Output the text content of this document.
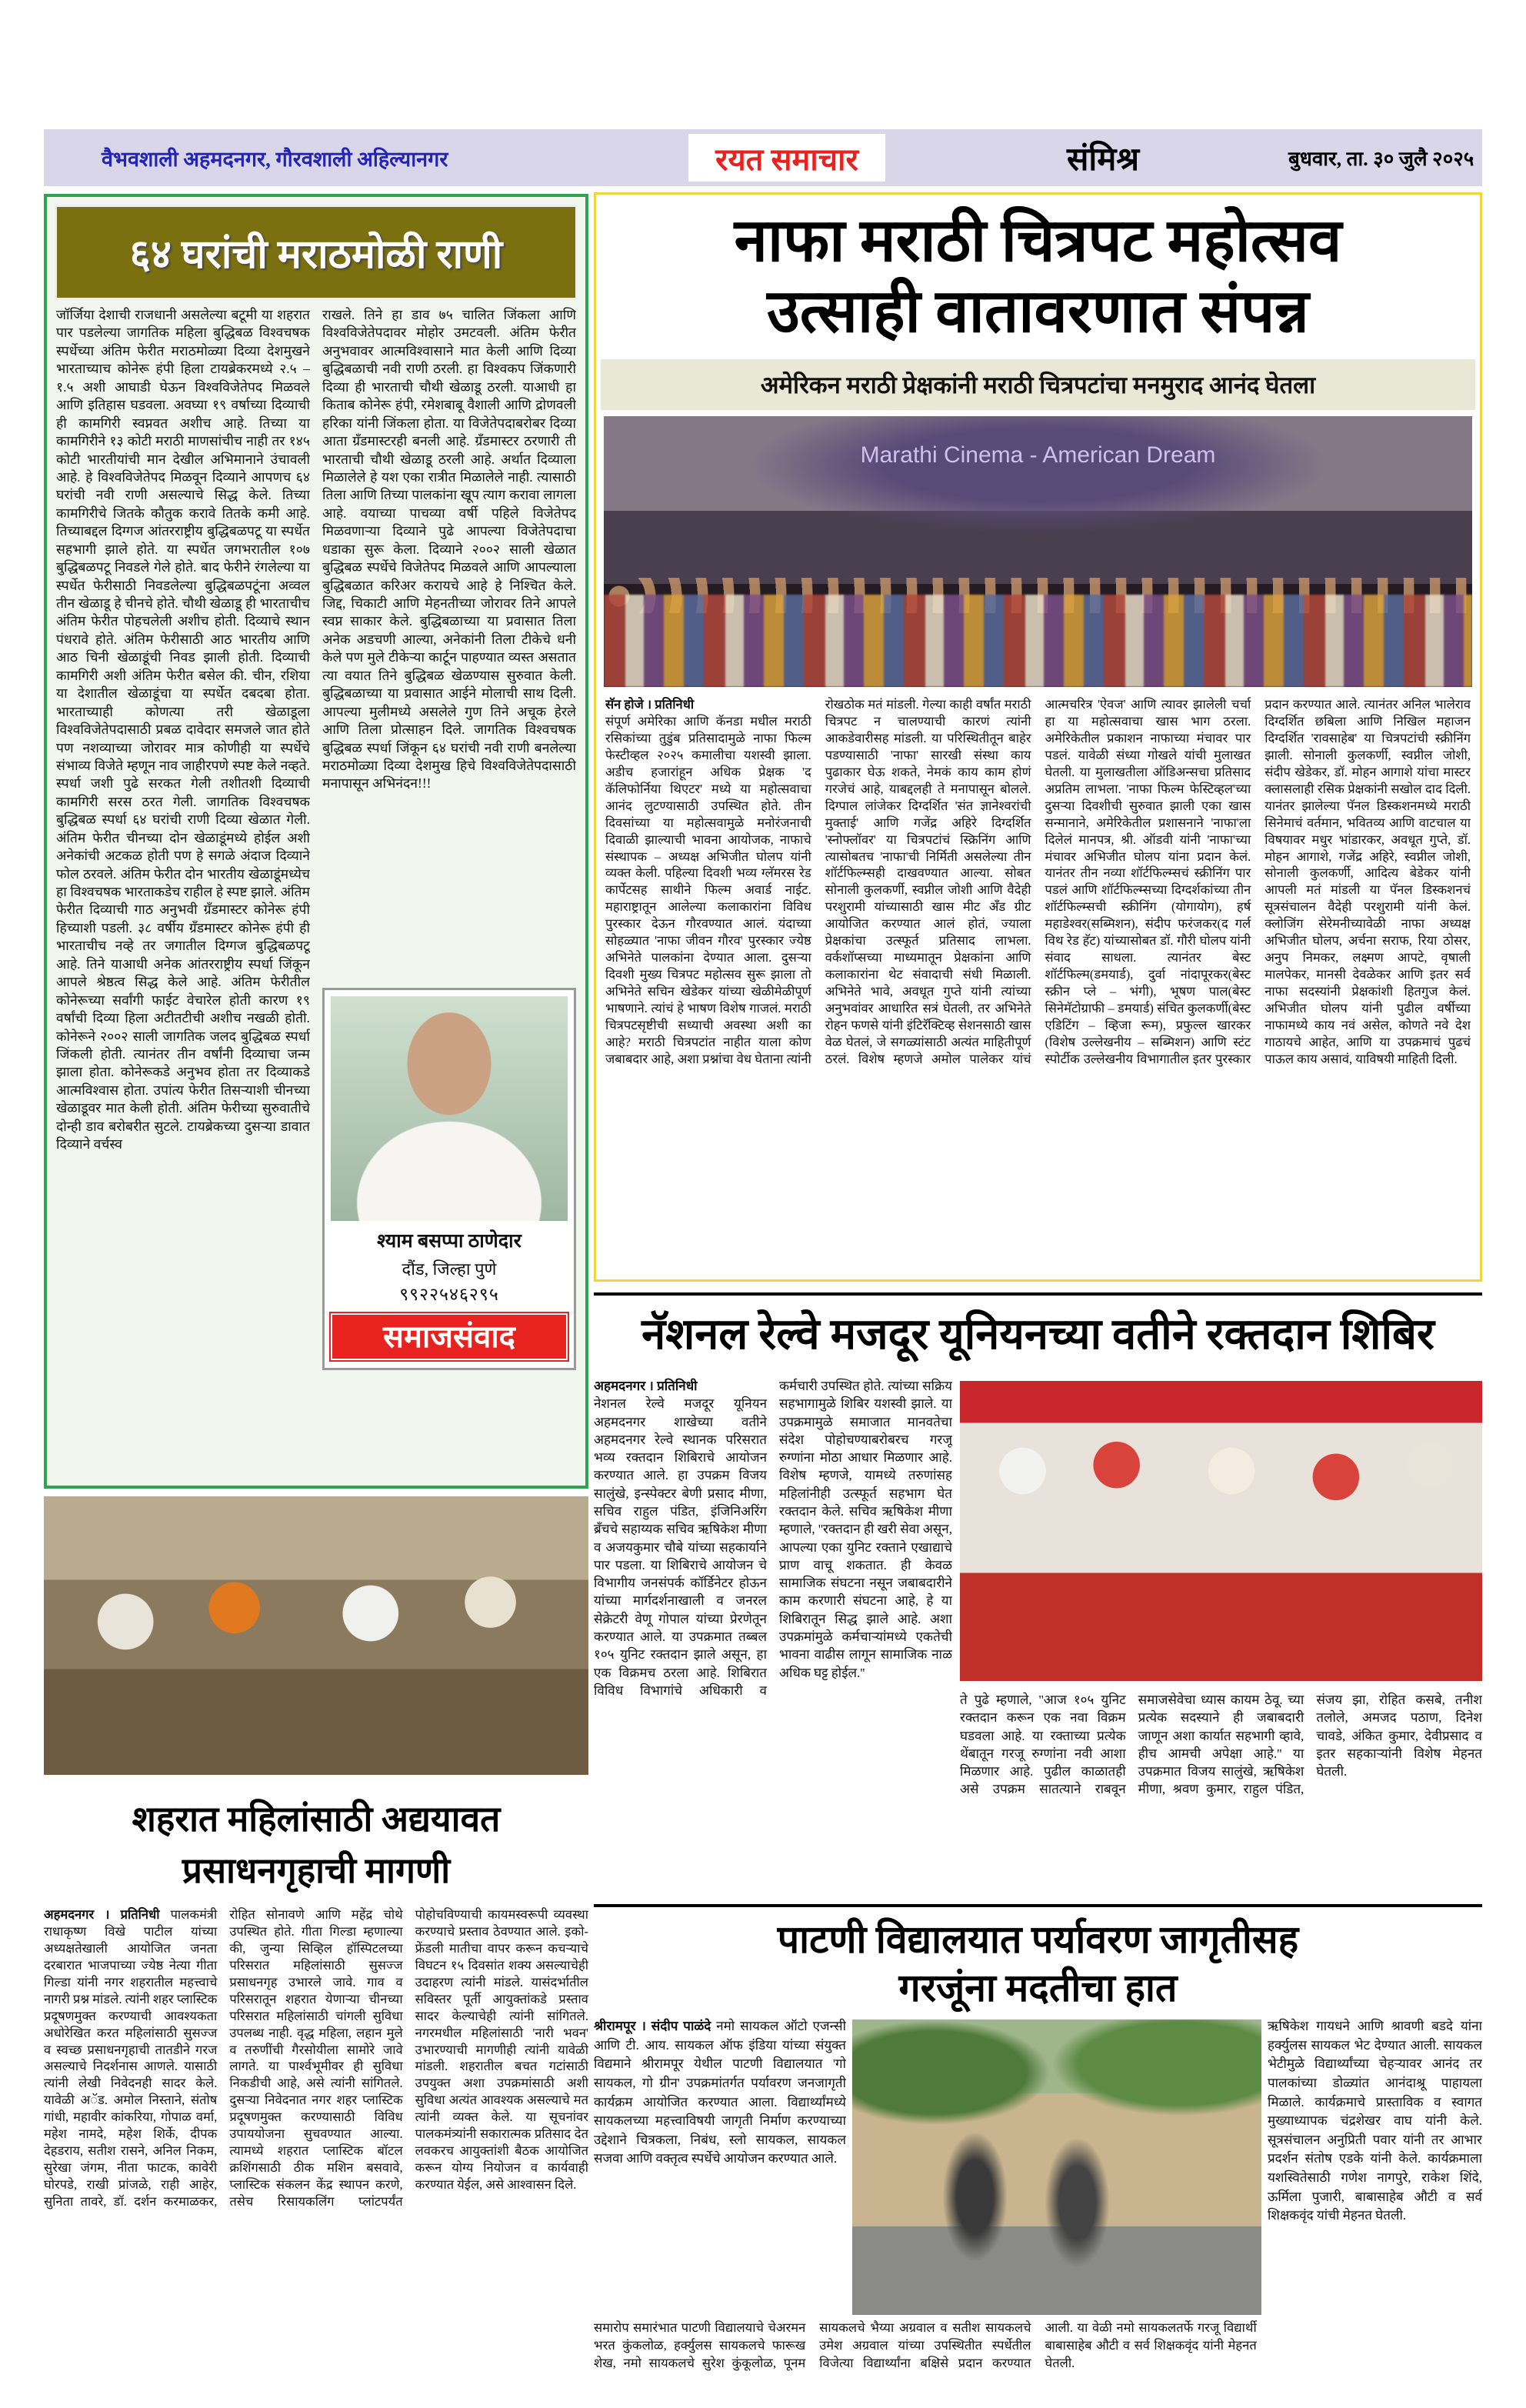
वैभवशाली अहमदनगर, गौरवशाली अहिल्यानगर	रयत समाचार	संमिश्र	बुधवार, ता. ३० जुलै २०२५
६४ घरांची मराठमोळी राणी
जॉर्जिया देशाची राजधानी असलेल्या बटूमी या शहरात पार पडलेल्या जागतिक महिला बुद्धिबळ विश्वचषक स्पर्धेच्या अंतिम फेरीत मराठमोळ्या दिव्या देशमुखने भारताच्याच कोनेरू हंपी हिला टायब्रेकरमध्ये २.५ – १.५ अशी आघाडी घेऊन विश्वविजेतेपद मिळवले आणि इतिहास घडवला. अवघ्या १९ वर्षाच्या दिव्याची ही कामगिरी स्वप्नवत अशीच आहे. तिच्या या कामगिरीने १३ कोटी मराठी माणसांचीच नाही तर १४५ कोटी भारतीयांची मान देखील अभिमानाने उंचावली आहे. हे विश्वविजेतेपद मिळवून दिव्याने आपणच ६४ घरांची नवी राणी असल्याचे सिद्ध केले. तिच्या कामगिरीचे जितके कौतुक करावे तितके कमी आहे. तिच्याबद्दल दिग्गज आंतरराष्ट्रीय बुद्धिबळपटू या स्पर्धेत सहभागी झाले होते. या स्पर्धेत जगभरातील १०७ बुद्धिबळपटू निवडले गेले होते. बाद फेरीने रंगलेल्या या स्पर्धेत फेरीसाठी निवडलेल्या बुद्धिबळपटूंना अव्वल तीन खेळाडू हे चीनचे होते. चौथी खेळाडू ही भारताचीच अंतिम फेरीत पोहचलेली अशीच होती. दिव्याचे स्थान पंधरावे होते. अंतिम फेरीसाठी आठ भारतीय आणि आठ चिनी खेळाडूंची निवड झाली होती. दिव्याची कामगिरी अशी अंतिम फेरीत बसेल की. चीन, रशिया या देशातील खेळाडूंचा या स्पर्धेत दबदबा होता. भारताच्याही कोणत्या तरी खेळाडूला विश्वविजेतेपदासाठी प्रबळ दावेदार समजले जात होते पण नशव्याच्या जोरावर मात्र कोणीही या स्पर्धेचे संभाव्य विजेते म्हणून नाव जाहीरपणे स्पष्ट केले नव्हते. स्पर्धा जशी पुढे सरकत गेली तशीतशी दिव्याची कामगिरी सरस ठरत गेली. जागतिक विश्वचषक बुद्धिबळ स्पर्धा ६४ घरांची राणी दिव्या खेळात गेली. अंतिम फेरीत चीनच्या दोन खेळाडूंमध्ये होईल अशी अनेकांची अटकळ होती पण हे सगळे अंदाज दिव्याने फोल ठरवले. अंतिम फेरीत दोन भारतीय खेळाडूंमध्येच हा विश्वचषक भारताकडेच राहील हे स्पष्ट झाले. अंतिम फेरीत दिव्याची गाठ अनुभवी ग्रँडमास्टर कोनेरू हंपी हिच्याशी पडली. ३८ वर्षीय ग्रँडमास्टर कोनेरू हंपी ही भारताचीच नव्हे तर जगातील दिग्गज बुद्धिबळपटू आहे. तिने याआधी अनेक आंतरराष्ट्रीय स्पर्धा जिंकून आपले श्रेष्ठत्व सिद्ध केले आहे. अंतिम फेरीतील कोनेरूच्या सर्वांगी फाईट वेचारेल होती कारण १९ वर्षांची दिव्या हिला अटीतटीची अशीच नखळी होती. कोनेरूने २००२ साली जागतिक जलद बुद्धिबळ स्पर्धा जिंकली होती. त्यानंतर तीन वर्षांनी दिव्याचा जन्म झाला होता. कोनेरूकडे अनुभव होता तर दिव्याकडे आत्मविश्वास होता. उपांत्य फेरीत तिसऱ्याशी चीनच्या खेळाडूवर मात केली होती. अंतिम फेरीच्या सुरुवातीचे दोन्ही डाव बरोबरीत सुटले. टायब्रेकच्या दुसऱ्या डावात दिव्याने वर्चस्व
राखले. तिने हा डाव ७५ चालित जिंकला आणि विश्वविजेतेपदावर मोहोर उमटवली. अंतिम फेरीत अनुभवावर आत्मविश्वासाने मात केली आणि दिव्या बुद्धिबळाची नवी राणी ठरली. हा विश्वकप जिंकणारी दिव्या ही भारताची चौथी खेळाडू ठरली. याआधी हा किताब कोनेरू हंपी, रमेशबाबू वैशाली आणि द्रोणवली हरिका यांनी जिंकला होता. या विजेतेपदाबरोबर दिव्या आता ग्रँडमास्टरही बनली आहे. ग्रँडमास्टर ठरणारी ती भारताची चौथी खेळाडू ठरली आहे. अर्थात दिव्याला मिळालेले हे यश एका रात्रीत मिळालेले नाही. त्यासाठी तिला आणि तिच्या पालकांना खूप त्याग करावा लागला आहे. वयाच्या पाचव्या वर्षी पहिले विजेतेपद मिळवणाऱ्या दिव्याने पुढे आपल्या विजेतेपदाचा धडाका सुरू केला. दिव्याने २००२ साली खेळात बुद्धिबळ स्पर्धेचे विजेतेपद मिळवले आणि आपल्याला बुद्धिबळात करिअर करायचे आहे हे निश्चित केले. जिद्द, चिकाटी आणि मेहनतीच्या जोरावर तिने आपले स्वप्न साकार केले. बुद्धिबळाच्या या प्रवासात तिला अनेक अडचणी आल्या, अनेकांनी तिला टीकेचे धनी केले पण मुले टीकेऱ्या कार्टून पाहण्यात व्यस्त असतात त्या वयात तिने बुद्धिबळ खेळण्यास सुरुवात केली. बुद्धिबळाच्या या प्रवासात आईने मोलाची साथ दिली. आपल्या मुलीमध्ये असलेले गुण तिने अचूक हेरले आणि तिला प्रोत्साहन दिले. जागतिक विश्वचषक बुद्धिबळ स्पर्धा जिंकून ६४ घरांची नवी राणी बनलेल्या मराठमोळ्या दिव्या देशमुख हिचे विश्वविजेतेपदासाठी मनापासून अभिनंदन!!!
श्याम बसप्पा ठाणेदार
दौंड, जिल्हा पुणे
९९२२५४६२९५
समाजसंवाद
शहरात महिलांसाठी अद्ययावत
प्रसाधनगृहाची मागणी
अहमदनगर । प्रतिनिधी पालकमंत्री राधाकृष्ण विखे पाटील यांच्या अध्यक्षतेखाली आयोजित जनता दरबारात भाजपाच्या ज्येष्ठ नेत्या गीता गिल्डा यांनी नगर शहरातील महत्त्वाचे नागरी प्रश्न मांडले. त्यांनी शहर प्लास्टिक प्रदूषणमुक्त करण्याची आवश्यकता अधोरेखित करत महिलांसाठी सुसज्ज व स्वच्छ प्रसाधनगृहाची तातडीने गरज असल्याचे निदर्शनास आणले. यासाठी त्यांनी लेखी निवेदनही सादर केले. यावेळी अॅड. अमोल निस्ताने, संतोष गांधी, महावीर कांकरिया, गोपाळ वर्मा, महेश नामदे, महेश शिर्के, दीपक देहडराय, सतीश रासने, अनिल निकम, सुरेखा जंगम, नीता फाटक, कावेरी घोरपडे, राखी प्रांजळे, राही आहेर, सुनिता तावरे, डॉ. दर्शन करमाळकर, रोहित सोनावणे आणि महेंद्र चोथे उपस्थित होते. गीता गिल्डा म्हणाल्या की, जुन्या सिव्हिल हॉस्पिटलच्या परिसरात महिलांसाठी सुसज्ज प्रसाधनगृह उभारले जावे. गाव व परिसरातून शहरात येणाऱ्या चीनच्या परिसरात महिलांसाठी चांगली सुविधा उपलब्ध नाही. वृद्ध महिला, लहान मुले व तरुणींची गैरसोयीला सामोरे जावे लागते. या पार्श्वभूमीवर ही सुविधा निकडीची आहे, असे त्यांनी सांगितले. दुसऱ्या निवेदनात नगर शहर प्लास्टिक प्रदूषणमुक्त करण्यासाठी विविध उपाययोजना सुचवण्यात आल्या. त्यामध्ये शहरात प्लास्टिक बॉटल क्रशिंगसाठी ठीक मशिन बसवावे, प्लास्टिक संकलन केंद्र स्थापन करणे, तसेच रिसायकलिंग प्लांटपर्यंत पोहोचविण्याची कायमस्वरूपी व्यवस्था करण्याचे प्रस्ताव ठेवण्यात आले. इको-फ्रेंडली मातीचा वापर करून कचऱ्याचे विघटन १५ दिवसांत शक्य असल्याचेही उदाहरण त्यांनी मांडले. यासंदर्भातील सविस्तर पूर्ती आयुक्तांकडे प्रस्ताव सादर केल्याचेही त्यांनी सांगितले. नगरमधील महिलांसाठी 'नारी भवन' उभारण्याची मागणीही त्यांनी यावेळी मांडली. शहरातील बचत गटांसाठी उपयुक्त अशा उपक्रमांसाठी अशी सुविधा अत्यंत आवश्यक असल्याचे मत त्यांनी व्यक्त केले. या सूचनांवर पालकमंत्र्यांनी सकारात्मक प्रतिसाद देत लवकरच आयुक्तांशी बैठक आयोजित करून योग्य नियोजन व कार्यवाही करण्यात येईल, असे आश्वासन दिले.
नाफा मराठी चित्रपट महोत्सव
उत्साही वातावरणात संपन्न
अमेरिकन मराठी प्रेक्षकांनी मराठी चित्रपटांचा मनमुराद आनंद घेतला
Marathi Cinema - American Dream
सॅन होजे । प्रतिनिधी
संपूर्ण अमेरिका आणि कॅनडा मधील मराठी रसिकांच्या तुडुंब प्रतिसादामुळे नाफा फिल्म फेस्टीव्हल २०२५ कमालीचा यशस्वी झाला. अडीच हजारांहून अधिक प्रेक्षक 'द कॅलिफोर्निया थिएटर' मध्ये या महोत्सवाचा आनंद लुटण्यासाठी उपस्थित होते. तीन दिवसांच्या या महोत्सवामुळे मनोरंजनाची दिवाळी झाल्याची भावना आयोजक, नाफाचे संस्थापक – अध्यक्ष अभिजीत घोलप यांनी व्यक्त केली. पहिल्या दिवशी भव्य ग्लॅमरस रेड कार्पेटसह साथीने फिल्म अवार्ड नाईट. महाराष्ट्रातून आलेल्या कलाकारांना विविध पुरस्कार देऊन गौरवण्यात आलं. यंदाच्या सोहळ्यात 'नाफा जीवन गौरव' पुरस्कार ज्येष्ठ अभिनेते पालकांना देण्यात आला. दुसऱ्या दिवशी मुख्य चित्रपट महोत्सव सुरू झाला तो अभिनेते सचिन खेडेकर यांच्या खेळीमेळीपूर्ण भाषणाने. त्यांचं हे भाषण विशेष गाजलं. मराठी चित्रपटसृष्टीची सध्याची अवस्था अशी का आहे? मराठी चित्रपटांत नाहीत याला कोण जबाबदार आहे, अशा प्रश्नांचा वेध घेताना त्यांनी रोखठोक मतं मांडली. गेल्या काही वर्षांत मराठी चित्रपट न चालण्याची कारणं त्यांनी आकडेवारीसह मांडली. या परिस्थितीतून बाहेर पडण्यासाठी 'नाफा' सारखी संस्था काय पुढाकार घेऊ शकते, नेमकं काय काम होणं गरजेचं आहे, याबद्दलही ते मनापासून बोलले. दिग्पाल लांजेकर दिग्दर्शित 'संत ज्ञानेश्वरांची मुक्ताई' आणि गजेंद्र अहिरे दिग्दर्शित 'स्नोफ्लॉवर' या चित्रपटांचं स्क्रिनिंग आणि त्यासोबतच 'नाफा'ची निर्मिती असलेल्या तीन शॉर्टफिल्म्सही दाखवण्यात आल्या. सोबत सोनाली कुलकर्णी, स्वप्नील जोशी आणि वैदेही परशुरामी यांच्यासाठी खास मीट अँड ग्रीट आयोजित करण्यात आलं होतं, ज्याला प्रेक्षकांचा उत्स्फूर्त प्रतिसाद लाभला. वर्कशॉप्सच्या माध्यमातून प्रेक्षकांना आणि कलाकारांना थेट संवादाची संधी मिळाली. अभिनेते भावे, अवधूत गुप्ते यांनी त्यांच्या अनुभवांवर आधारित सत्रं घेतली, तर अभिनेते रोहन फणसे यांनी इंटिरॅक्टिव्ह सेशनसाठी खास वेळ घेतलं, जे सगळ्यांसाठी अत्यंत माहितीपूर्ण ठरलं. विशेष म्हणजे अमोल पालेकर यांचं आत्मचरित्र 'ऐवज' आणि त्यावर झालेली चर्चा हा या महोत्सवाचा खास भाग ठरला. अमेरिकेतील प्रकाशन नाफाच्या मंचावर पार पडलं. यावेळी संध्या गोखले यांची मुलाखत घेतली. या मुलाखतीला ऑडिअन्सचा प्रतिसाद अप्रतिम लाभला. 'नाफा फिल्म फेस्टिव्हल'च्या दुसऱ्या दिवशीची सुरुवात झाली एका खास सन्मानाने, अमेरिकेतील प्रशासनाने 'नाफा'ला दिलेलं मानपत्र, श्री. ऑडवी यांनी 'नाफा'च्या मंचावर अभिजीत घोलप यांना प्रदान केलं. यानंतर तीन नव्या शॉर्टफिल्म्सचं स्क्रीनिंग पार पडलं आणि शॉर्टफिल्म्सच्या दिग्दर्शकांच्या तीन शॉर्टफिल्म्सची स्क्रीनिंग (योगायोग), हर्ष महाडेश्वर(सब्मिशन), संदीप फरंजकर(द गर्ल विथ रेड हॅट) यांच्यासोबत डॉ. गौरी घोलप यांनी संवाद साधला. त्यानंतर बेस्ट शॉर्टफिल्म(डमयार्ड), दुर्वा नांदापूरकर(बेस्ट स्क्रीन प्ले – भंगी), भूषण पाल(बेस्ट सिनेमॅटोग्राफी – डमयार्ड) संचित कुलकर्णी(बेस्ट एडिटिंग – व्हिजा रूम), प्रफुल्ल खारकर (विशेष उल्लेखनीय – सब्मिशन) आणि स्टंट स्पोर्टीक उल्लेखनीय विभागातील इतर पुरस्कार प्रदान करण्यात आले. त्यानंतर अनिल भालेराव दिग्दर्शित छबिला आणि निखिल महाजन दिग्दर्शित 'रावसाहेब' या चित्रपटांची स्क्रीनिंग झाली. सोनाली कुलकर्णी, स्वप्नील जोशी, संदीप खेडेकर, डॉ. मोहन आगाशे यांचा मास्टर क्लासलाही रसिक प्रेक्षकांनी सखोल दाद दिली. यानंतर झालेल्या पॅनल डिस्कशनमध्ये मराठी सिनेमाचं वर्तमान, भवितव्य आणि वाटचाल या विषयावर मधुर भांडारकर, अवधूत गुप्ते, डॉ. मोहन आगाशे, गजेंद्र अहिरे, स्वप्नील जोशी, सोनाली कुलकर्णी, आदित्य बेडेकर यांनी आपली मतं मांडली या पॅनल डिस्कशनचं सूत्रसंचालन वैदेही परशुरामी यांनी केलं. क्लोजिंग सेरेमनीच्यावेळी नाफा अध्यक्ष अभिजीत घोलप, अर्चना सराफ, रिया ठोसर, अनुप निमकर, लक्ष्मण आपटे, वृषाली मालपेकर, मानसी देवळेकर आणि इतर सर्व नाफा सदस्यांनी प्रेक्षकांशी हितगुज केलं. अभिजीत घोलप यांनी पुढील वर्षीच्या नाफामध्ये काय नवं असेल, कोणते नवे देश गाठायचे आहेत, आणि या उपक्रमाचं पुढचं पाऊल काय असावं, याविषयी माहिती दिली.
नॅशनल रेल्वे मजदूर यूनियनच्या वतीने रक्तदान शिबिर
अहमदनगर । प्रतिनिधी
नेशनल रेल्वे मजदूर यूनियन अहमदनगर शाखेच्या वतीने अहमदनगर रेल्वे स्थानक परिसरात भव्य रक्तदान शिबिराचे आयोजन करण्यात आले. हा उपक्रम विजय सालुंखे, इन्स्पेक्टर बेणी प्रसाद मीणा, सचिव राहुल पंडित, इंजिनिअरिंग ब्रँचचे सहाय्यक सचिव ऋषिकेश मीणा व अजयकुमार चौबे यांच्या सहकार्याने पार पडला. या शिबिराचे आयोजन चे विभागीय जनसंपर्क कॉर्डिनेटर होऊन यांच्या मार्गदर्शनाखाली व जनरल सेक्रेटरी वेणू गोपाल यांच्या प्रेरणेतून करण्यात आले. या उपक्रमात तब्बल १०५ युनिट रक्तदान झाले असून, हा एक विक्रमच ठरला आहे. शिबिरात विविध विभागांचे अधिकारी व कर्मचारी उपस्थित होते. त्यांच्या सक्रिय सहभागामुळे शिबिर यशस्वी झाले. या उपक्रमामुळे समाजात मानवतेचा संदेश पोहोचण्याबरोबरच गरजू रुग्णांना मोठा आधार मिळणार आहे. विशेष म्हणजे, यामध्ये तरुणांसह महिलांनीही उत्स्फूर्त सहभाग घेत रक्तदान केले. सचिव ऋषिकेश मीणा म्हणाले, ''रक्तदान ही खरी सेवा असून, आपल्या एका युनिट रक्ताने एखाद्याचे प्राण वाचू शकतात. ही केवळ सामाजिक संघटना नसून जबाबदारीने काम करणारी संघटना आहे, हे या शिबिरातून सिद्ध झाले आहे. अशा उपक्रमांमुळे कर्मचाऱ्यांमध्ये एकतेची भावना वाढीस लागून सामाजिक नाळ अधिक घट्ट होईल.''
ते पुढे म्हणाले, ''आज १०५ युनिट रक्तदान करून एक नवा विक्रम घडवला आहे. या रक्ताच्या प्रत्येक थेंबातून गरजू रुग्णांना नवी आशा मिळणार आहे. पुढील काळातही असे उपक्रम सातत्याने राबवून समाजसेवेचा ध्यास कायम ठेवू. च्या प्रत्येक सदस्याने ही जबाबदारी जाणून अशा कार्यात सहभागी व्हावे, हीच आमची अपेक्षा आहे.'' या उपक्रमात विजय सालुंखे, ऋषिकेश मीणा, श्रवण कुमार, राहुल पंडित, संजय झा, रोहित कसबे, तनीश तलोले, अमजद पठाण, दिनेश चावडे, अंकित कुमार, देवीप्रसाद व इतर सहकाऱ्यांनी विशेष मेहनत घेतली.
पाटणी विद्यालयात पर्यावरण जागृतीसह
गरजूंना मदतीचा हात
श्रीरामपूर । संदीप पाळंदे नमो सायकल ऑटो एजन्सी आणि टी. आय. सायकल ऑफ इंडिया यांच्या संयुक्त विद्यमाने श्रीरामपूर येथील पाटणी विद्यालयात 'गो सायकल, गो ग्रीन' उपक्रमांतर्गत पर्यावरण जनजागृती कार्यक्रम आयोजित करण्यात आला. विद्यार्थ्यांमध्ये सायकलच्या महत्त्वाविषयी जागृती निर्माण करण्याच्या उद्देशाने चित्रकला, निबंध, स्लो सायकल, सायकल सजवा आणि वक्तृत्व स्पर्धेचे आयोजन करण्यात आले.
ऋषिकेश गायधने आणि श्रावणी बडदे यांना हर्क्युलस सायकल भेट देण्यात आली. सायकल भेटीमुळे विद्यार्थ्यांच्या चेहऱ्यावर आनंद तर पालकांच्या डोळ्यांत आनंदाश्रू पाहायला मिळाले. कार्यक्रमाचे प्रास्ताविक व स्वागत मुख्याध्यापक चंद्रशेखर वाघ यांनी केले. सूत्रसंचालन अनुप्रिती पवार यांनी तर आभार प्रदर्शन संतोष एडके यांनी केले. कार्यक्रमाला यशस्वितेसाठी गणेश नागपुरे, राकेश शिंदे, ऊर्मिला पुजारी, बाबासाहेब औटी व सर्व शिक्षकवृंद यांची मेहनत घेतली.
समारोप समारंभात पाटणी विद्यालयाचे चेअरमन भरत कुंकलोळ, हर्क्युलस सायकलचे फारूख शेख, नमो सायकलचे सुरेश कुंकूलोळ, पूनम सायकलचे भैय्या अग्रवाल व सतीश सायकलचे उमेश अग्रवाल यांच्या उपस्थितीत स्पर्धेतील विजेत्या विद्यार्थ्यांना बक्षिसे प्रदान करण्यात आली. या वेळी नमो सायकलतर्फे गरजू विद्यार्थी बाबासाहेब औटी व सर्व शिक्षकवृंद यांनी मेहनत घेतली.
